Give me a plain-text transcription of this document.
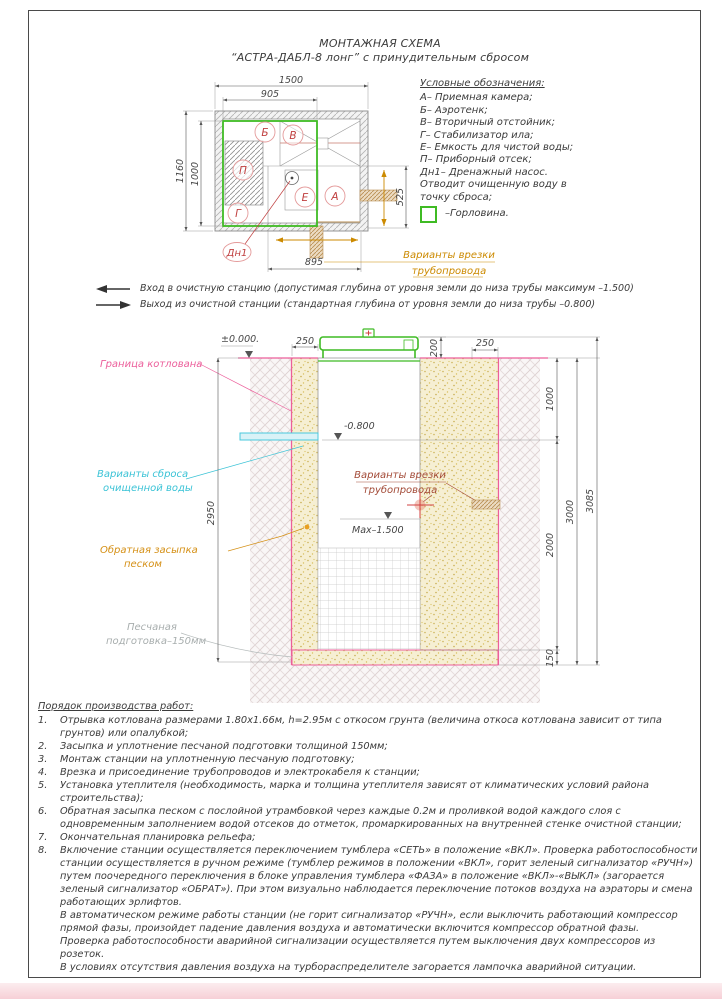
МОНТАЖНАЯ СХЕМА
“АСТРА-ДАБЛ-8 лонг” с принудительным сбросом
Б В
П
Г
Е А
Дн1
1500
905
1160 1000
895
525
Варианты врезки
трубопровода
Условные обозначения:
А– Приемная камера;
Б– Аэротенк;
В– Вторичный отстойник;
Г– Стабилизатор ила;
Е– Емкость для чистой воды;
П– Приборный отсек;
Дн1– Дренажный насос.
Отводит очищенную воду в
точку сброса;
–Горловина.
Вход в очистную станцию (допустимая глубина от уровня земли до низа трубы максимум –1.500)
Выход из очистной станции (стандартная глубина от уровня земли до низа трубы –0.800)
±0.000.
-0.800
Мах–1.500
Граница котлована
Варианты сброса
очищенной воды
Обратная засыпка
песком
Песчаная
подготовка–150мм
Варианты врезки
трубопровода
2950
250	200	250
1000
2000
150
3000 3085
Порядок производства работ:
1.	Отрывка котлована размерами 1.80х1.66м, h=2.95м с откосом грунта (величина откоса котлована зависит от типа грунтов) или опалубкой;
2.	Засыпка и уплотнение песчаной подготовки толщиной 150мм;
3.	Монтаж станции на уплотненную песчаную подготовку;
4.	Врезка и присоединение трубопроводов и электрокабеля к станции;
5.	Установка утеплителя (необходимость, марка и толщина утеплителя зависят от климатических условий района строительства);
6.	Обратная засыпка песком с послойной утрамбовкой через каждые 0.2м и проливкой водой каждого слоя с одновременным заполнением водой отсеков до отметок, промаркированных на внутренней стенке очистной станции;
7.	Окончательная планировка рельефа;
8.	Включение станции осуществляется переключением тумблера «СЕТЬ» в положение «ВКЛ». Проверка работоспособности станции осуществляется в ручном режиме (тумблер режимов в положении «ВКЛ», горит зеленый сигнализатор «РУЧН») путем поочередного переключения в блоке управления тумблера «ФАЗА» в положение «ВКЛ»-«ВЫКЛ» (загорается зеленый сигнализатор «ОБРАТ»). При этом визуально наблюдается переключение потоков воздуха на аэраторы и смена работающих эрлифтов.
В автоматическом режиме работы станции (не горит сигнализатор «РУЧН», если выключить работающий компрессор прямой фазы, произойдет падение давления воздуха и автоматически включится компрессор обратной фазы.
Проверка работоспособности аварийной сигнализации осуществляется путем выключения двух компрессоров из розеток.
В условиях отсутствия давления воздуха на турбораспределителе загорается лампочка аварийной ситуации.
